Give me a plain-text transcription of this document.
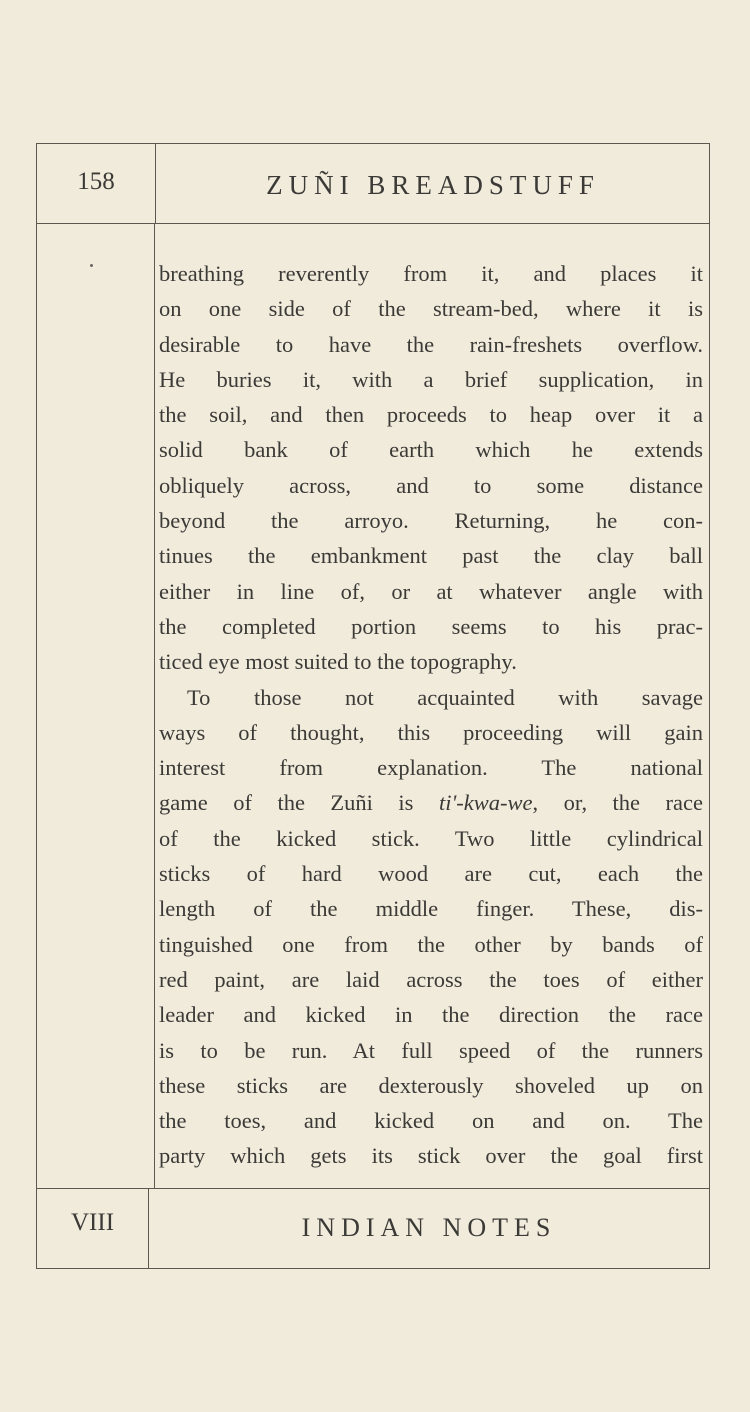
158	ZUÑI BREADSTUFF
breathing reverently from it, and places it
on one side of the stream-bed, where it is
desirable to have the rain-freshets overflow.
He buries it, with a brief supplication, in
the soil, and then proceeds to heap over it a
solid bank of earth which he extends
obliquely across, and to some distance
beyond the arroyo. Returning, he con-
tinues the embankment past the clay ball
either in line of, or at whatever angle with
the completed portion seems to his prac-
ticed eye most suited to the topography.
To those not acquainted with savage
ways of thought, this proceeding will gain
interest from explanation. The national
game of the Zuñi is ti'-kwa-we, or, the race
of the kicked stick. Two little cylindrical
sticks of hard wood are cut, each the
length of the middle finger. These, dis-
tinguished one from the other by bands of
red paint, are laid across the toes of either
leader and kicked in the direction the race
is to be run. At full speed of the runners
these sticks are dexterously shoveled up on
the toes, and kicked on and on. The
party which gets its stick over the goal first
VIII	INDIAN NOTES
